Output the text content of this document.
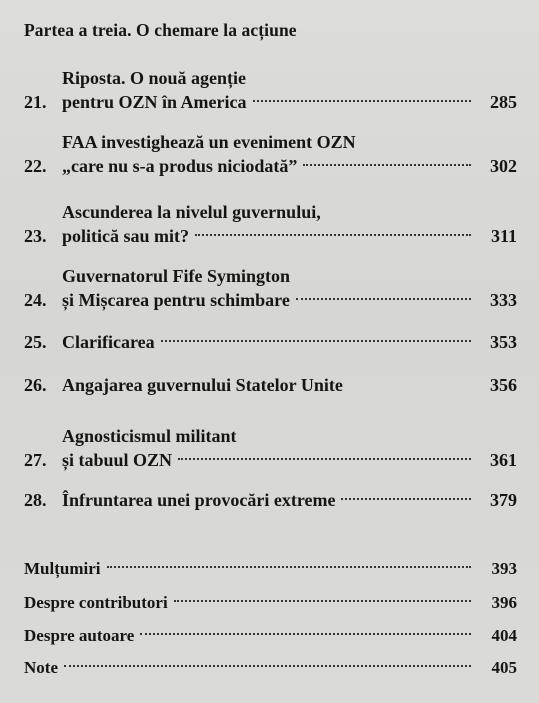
Partea a treia. O chemare la acțiune
21.
Riposta. O nouă agenție
pentru OZN în America	285
22.
FAA investighează un eveniment OZN
„care nu s-a produs niciodată”	302
23.
Ascunderea la nivelul guvernului,
politică sau mit?	311
24.
Guvernatorul Fife Symington
și Mișcarea pentru schimbare	333
25. Clarificarea	353
26. Angajarea guvernului Statelor Unite	356
27.
Agnosticismul militant
și tabuul OZN	361
28. Înfruntarea unei provocări extreme	379
Mulțumiri	393
Despre contributori	396
Despre autoare	404
Note	405
